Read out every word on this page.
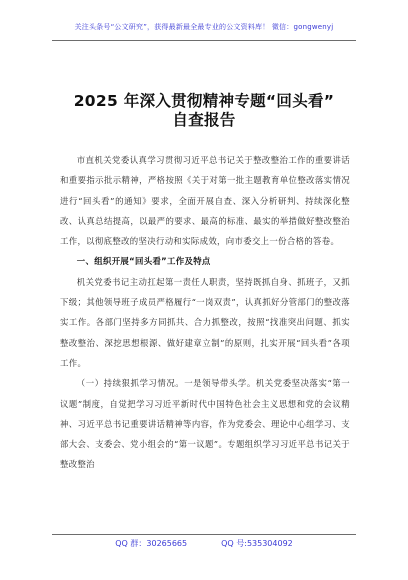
关注头条号“公文研究”，获得最新最全最专业的公文资料库！ 微信：gongwenyj
2025 年深入贯彻精神专题“回头看”
自查报告

市直机关党委认真学习贯彻习近平总书记关于整改整治工作的重要讲话和重要指示批示精神，严格按照《关于对第一批主题教育单位整改落实情况进行“回头看”的通知》要求，全面开展自查、深入分析研判、持续深化整改、认真总结提高，以最严的要求、最高的标准、最实的举措做好整改整治工作，以彻底整改的坚决行动和实际成效，向市委交上一份合格的答卷。

一、组织开展“回头看”工作及特点

机关党委书记主动扛起第一责任人职责，坚持既抓自身、抓班子，又抓下级；其他领导班子成员严格履行“一岗双责”，认真抓好分管部门的整改落实工作。各部门坚持多方同抓共、合力抓整改，按照“找准突出问题、抓实整改整治、深挖思想根源、做好建章立制”的原则，扎实开展“回头看”各项工作。

（一）持续狠抓学习情况。一是领导带头学。机关党委坚决落实“第一议题”制度，自觉把学习习近平新时代中国特色社会主义思想和党的会议精神、习近平总书记重要讲话精神等内容，作为党委会、理论中心组学习、支部大会、支委会、党小组会的“第一议题”。专题组织学习习近平总书记关于整改整治

QQ 群：30265665	QQ 号:535304092
